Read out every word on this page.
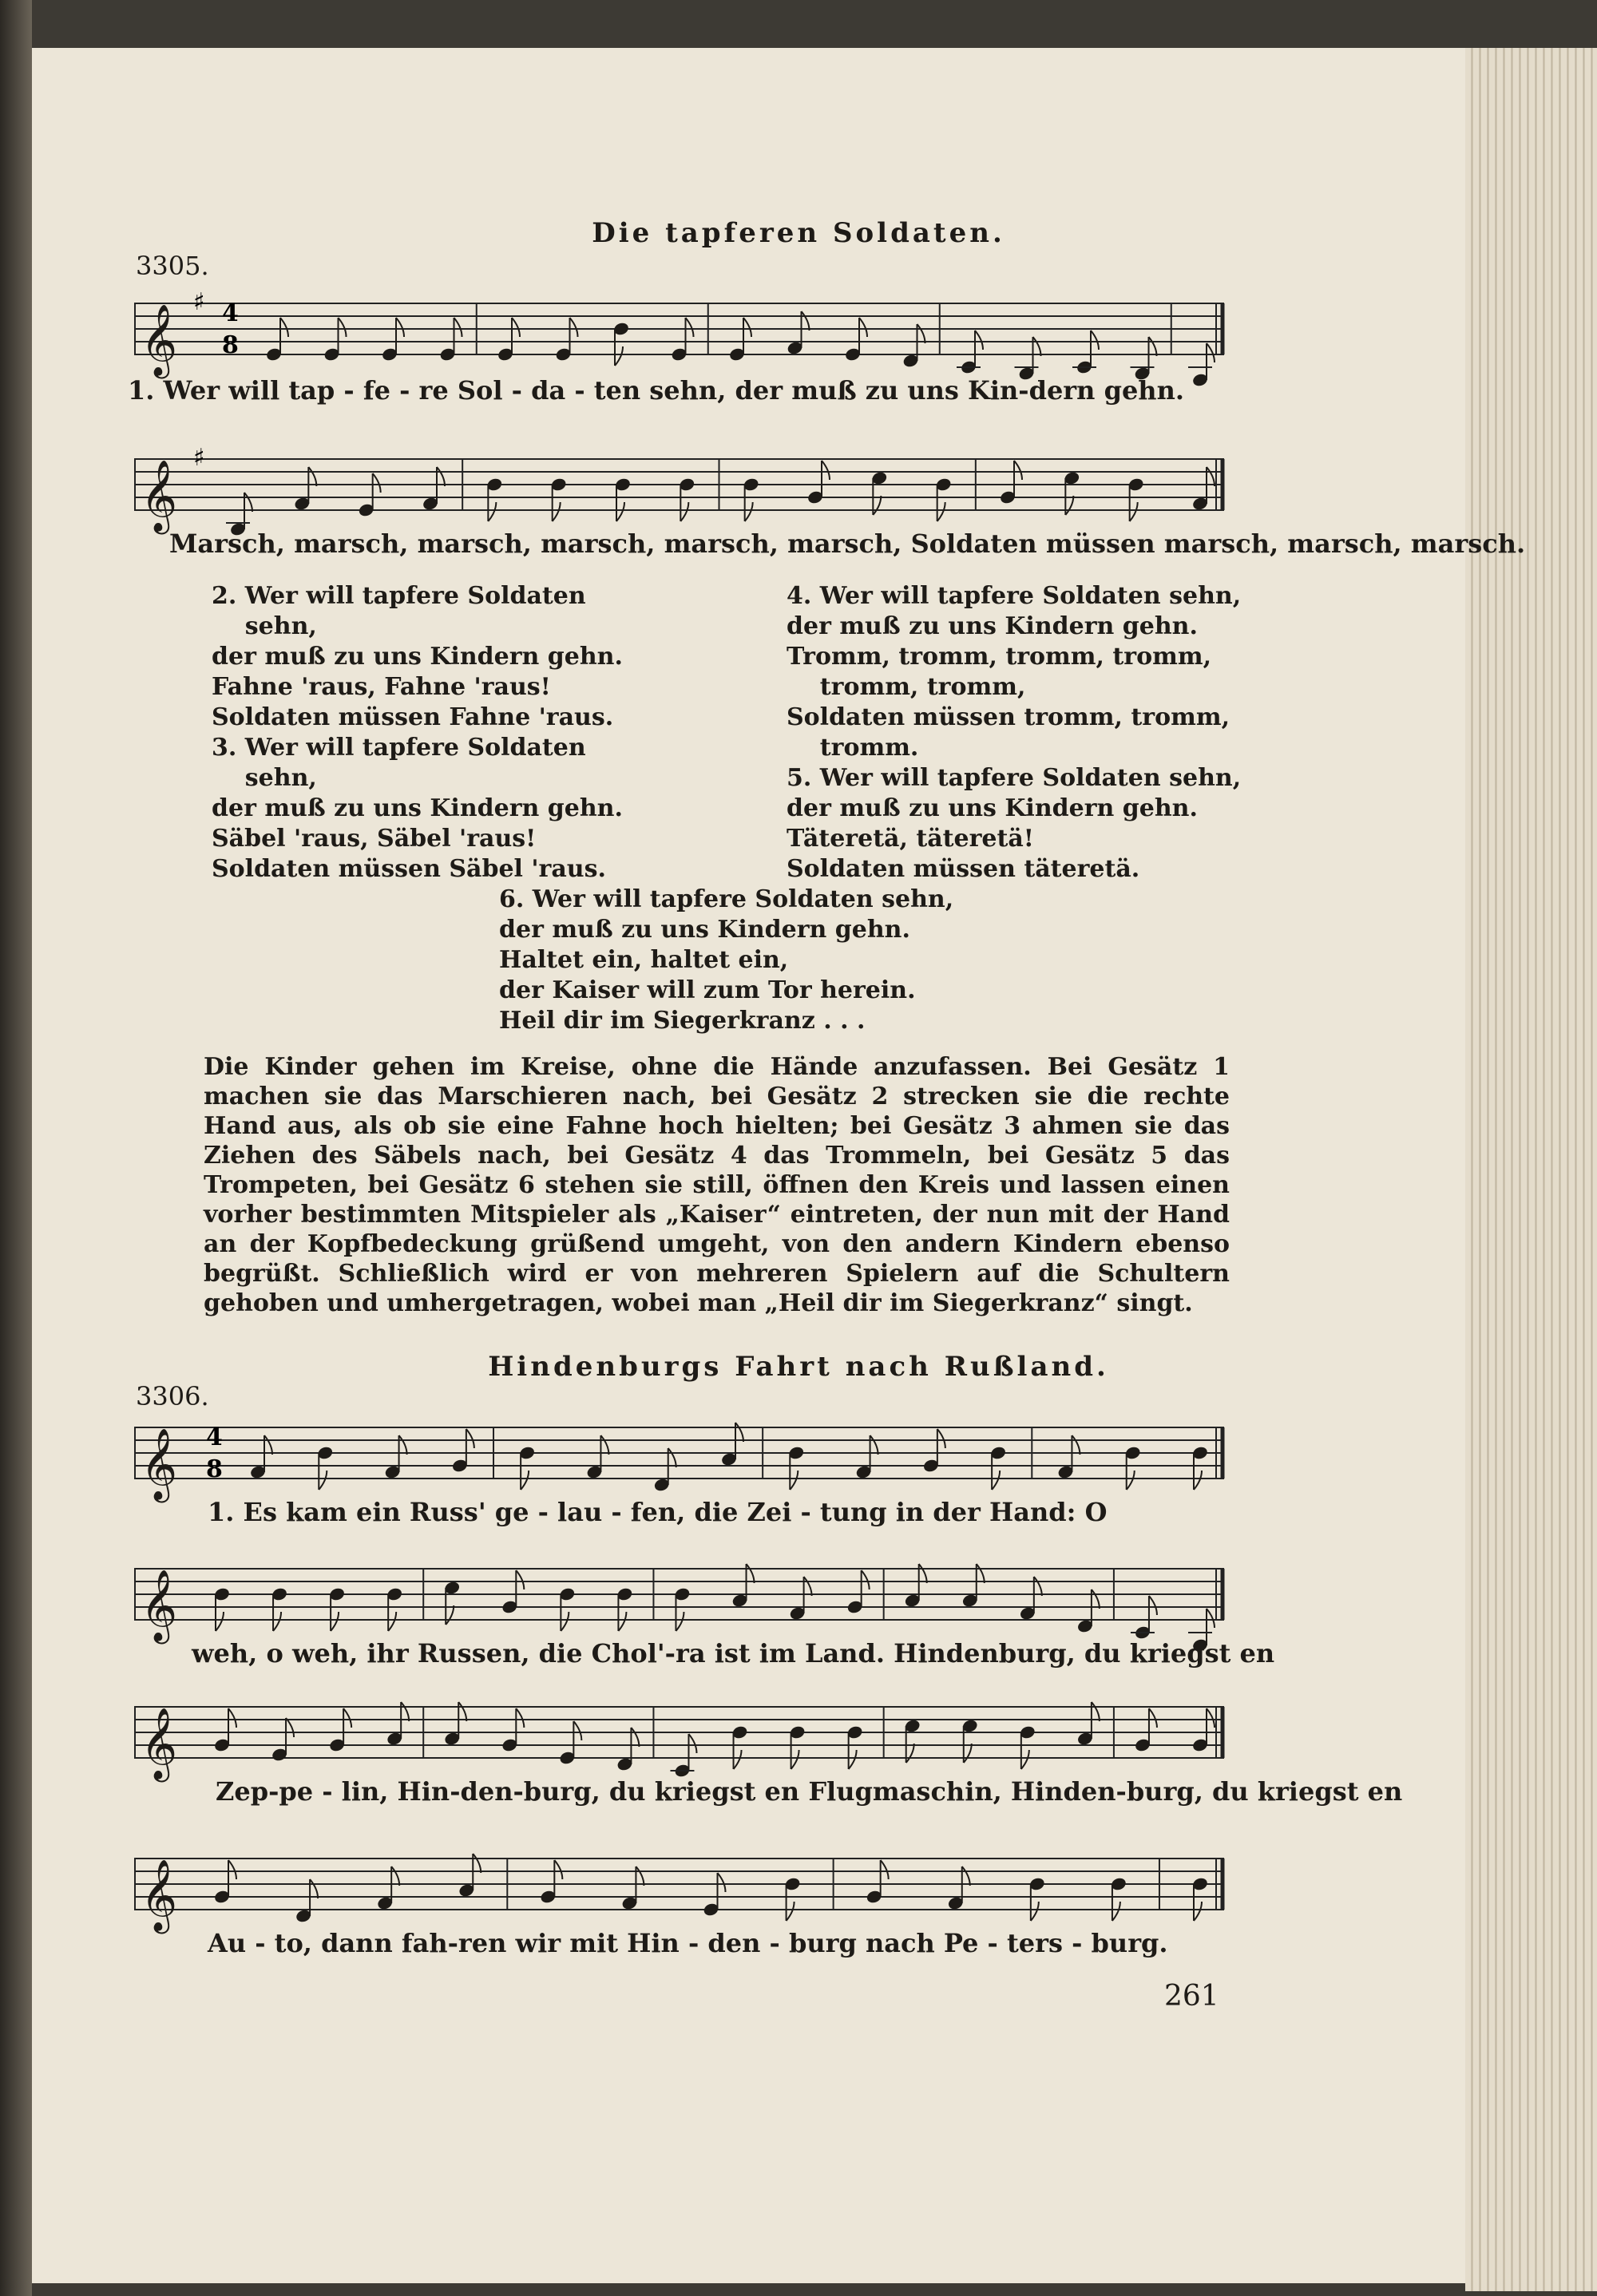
Die tapferen Soldaten.
3305.
4
8
𝄞
♯
1. Wer will tap - fe - re Sol - da - ten sehn, der muß zu uns Kin-dern gehn.
𝄞
♯
Marsch, marsch, marsch, marsch, marsch, marsch, Soldaten müssen marsch, marsch, marsch.
2. Wer will tapfere Soldaten
sehn,
der muß zu uns Kindern gehn.
Fahne 'raus, Fahne 'raus!
Soldaten müssen Fahne 'raus.
3. Wer will tapfere Soldaten
sehn,
der muß zu uns Kindern gehn.
Säbel 'raus, Säbel 'raus!
Soldaten müssen Säbel 'raus.
4. Wer will tapfere Soldaten sehn,
der muß zu uns Kindern gehn.
Tromm, tromm, tromm, tromm,
tromm, tromm,
Soldaten müssen tromm, tromm,
tromm.
5. Wer will tapfere Soldaten sehn,
der muß zu uns Kindern gehn.
Täteretä, täteretä!
Soldaten müssen täteretä.
6. Wer will tapfere Soldaten sehn,
der muß zu uns Kindern gehn.
Haltet ein, haltet ein,
der Kaiser will zum Tor herein.
Heil dir im Siegerkranz . . .
Die Kinder gehen im Kreise, ohne die Hände anzufassen. Bei Gesätz 1 machen sie das Marschieren nach, bei Gesätz 2 strecken sie die rechte Hand aus, als ob sie eine Fahne hoch hielten; bei Gesätz 3 ahmen sie das Ziehen des Säbels nach, bei Gesätz 4 das Trommeln, bei Gesätz 5 das Trompeten, bei Gesätz 6 stehen sie still, öffnen den Kreis und lassen einen vorher bestimmten Mitspieler als „Kaiser“ eintreten, der nun mit der Hand an der Kopfbedeckung grüßend umgeht, von den andern Kindern ebenso begrüßt. Schließlich wird er von mehreren Spielern auf die Schultern gehoben und umhergetragen, wobei man „Heil dir im Siegerkranz“ singt.
Hindenburgs Fahrt nach Rußland.
3306.
4
8
𝄞
1. Es kam ein Russ' ge - lau - fen, die Zei - tung in der Hand: O
𝄞
weh, o weh, ihr Russen, die Chol'-ra ist im Land. Hindenburg, du kriegst en
𝄞
Zep-pe - lin, Hin-den-burg, du kriegst en Flugmaschin, Hinden-burg, du kriegst en
𝄞
Au - to, dann fah-ren wir mit Hin - den - burg nach Pe - ters - burg.
261
